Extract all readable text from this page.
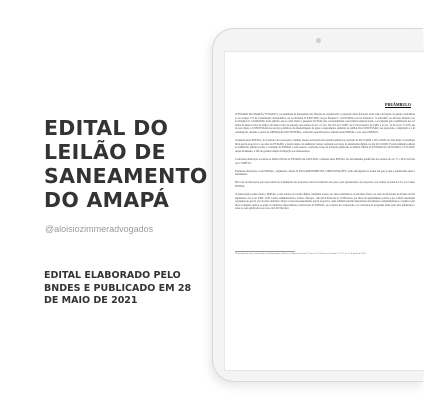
EDITAL DO
LEILÃO DE
SANEAMENTO
DO AMAPÁ
@aloisiozimmeradvogados
EDITAL ELABORADO PELO
BNDES E PUBLICADO EM 28
DE MAIO DE 2021
PREÂMBULO
O ESTADO DO AMAPÁ ("ESTADO"), na qualidade de delegatário das funções de organização e prestação desta licitação, bem como da função de gestão centralizada, nos artigos 175 da Constituição da República, na Lei Federal nº 8.987/1995, na Lei Federal nº 11.079/2004 e na Lei Federal nº 11.445/2007, no Decreto Federal e na Lei Federal nº 14.026/2020, torna público que se acha aberta a presente LICITAÇÃO, na modalidade concorrência internacional, a ser julgada pela combinação dos critérios de menor valor da tarifa e de maior valor de outorga, nos termos do art. 15, inc. III, da Lei nº 8.987, de 13 de fevereiro de 1995, e do art. 12 da Lei nº 11.079, tendo por objeto a CONCESSÃO dos serviços públicos de abastecimento de água e esgotamento sanitário na ÁREA DA CONCESSÃO, sua prestação, a ampliação e a modernização, durante o prazo da OPERAÇÃO DO SISTEMA, conforme especificações contidas neste EDITAL e nos seus ANEXOS.
A minuta deste EDITAL, do Contrato de Concessão e demais anexos estiveram em consulta pública no período de 09/11/2020 a 30/11/2020, no sítio https://consultapublica.portal.ap.gov.br/ e no sítio do ESTADO, e foram objeto de audiência virtual, realizada por meio da plataforma digital, no dia 26/11/2020. Foram também realizadas audiências públicas sobre o conteúdo do EDITAL e seus anexos, conforme aviso de licitação publicado no Diário Oficial do ESTADO em 19/10/2020 e 13/11/2020, respectivamente, a fim de garantir ampla divulgação aos interessados.
Conforme publicação ocorrida no Diário Oficial do ESTADO em 24/03/2021, a minuta deste EDITAL foi devidamente justificada nos termos do art. 5º e 16 da lei federal nº 8.987/95.
Eventuais alterações a este EDITAL, originadas a título de ESCLARECIMENTOS e IMPUGNAÇÕES, serão divulgadas na forma em que se deu a publicidade deste instrumento.
Em caso de alterações que repercutam na formulação das propostas, haverá reabertura do prazo para apresentação de propostas, nos termos do item 9.2.6 e 12.2 deste EDITAL.
O interessado poderá obter o EDITAL e seus anexos na versão digital, mediante acesso aos sítios eletrônicos ou em meio físico, na sede da Secretaria de Estado do Planejamento, sito à Av. FAB, 1120, Centro Administrativo, Centro, Macapá - AP, das 9:00 horas às 12:00 horas, por meio de agendamento prévio e por e-mail saneamento@seplan.ap.gov.br ou via sítio eletrônico https://concessaosaneamento.portal.ap.gov.br, onde também estarão disponíveis documentos complementares e registros jurídicos colegiais, dentre os quais os relatórios antecedentes à elaboração do EDITAL, do contrato de cooperação e os contratos de programa serão pelo sítio publicados todos os atos publicados no curso da LICITAÇÃO.
Os licitantes deverão, com relação a esta disposição, observar o disposto no item 10.2 do art. 27 do Decreto Federal nº 7.217, de 21 de junho de 2010.
